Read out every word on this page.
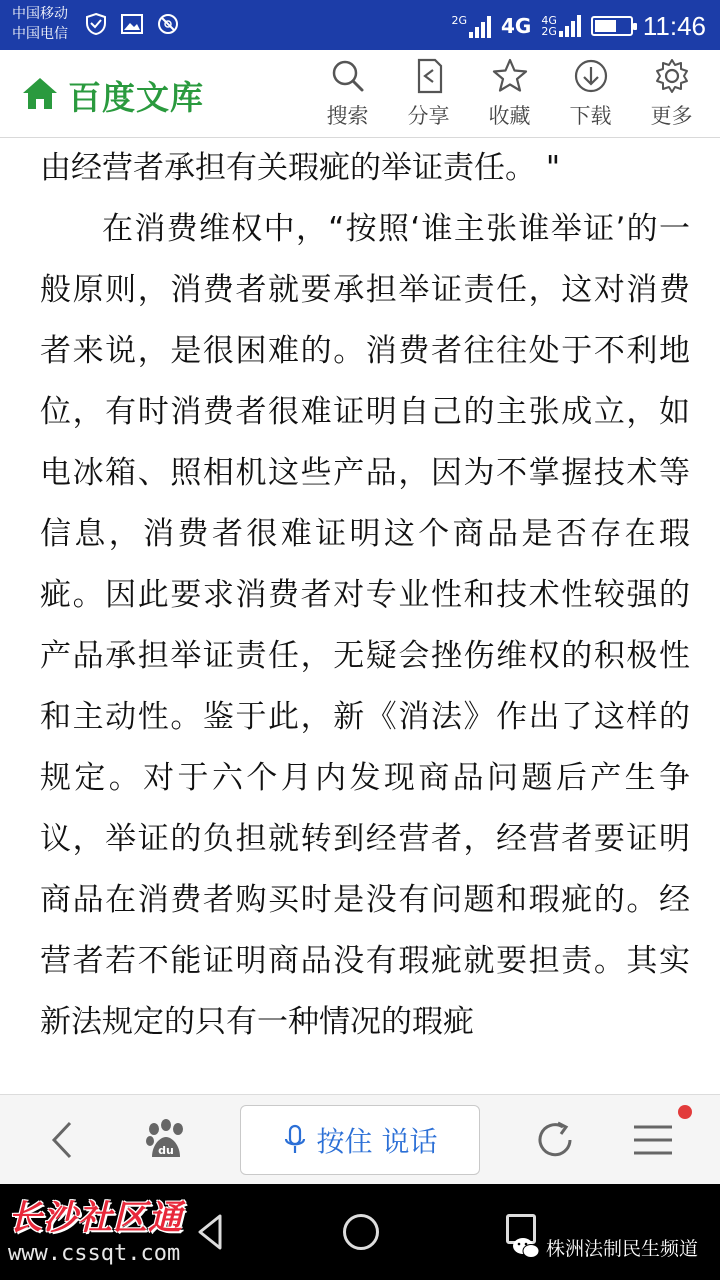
中国移动
中国电信
2G 4G 4G
2G	11:46
百度文库	搜索 分享 收藏 下载 更多

由经营者承担有关瑕疵的举证责任。 "

在消费维权中，“按照‘谁主张谁举证’的一般原则，消费者就要承担举证责任，这对消费者来说，是很困难的。消费者往往处于不利地位，有时消费者很难证明自己的主张成立，如电冰箱、照相机这些产品，因为不掌握技术等信息，消费者很难证明这个商品是否存在瑕疵。因此要求消费者对专业性和技术性较强的产品承担举证责任，无疑会挫伤维权的积极性和主动性。鉴于此，新《消法》作出了这样的规定。对于六个月内发现商品问题后产生争议，举证的负担就转到经营者，经营者要证明商品在消费者购买时是没有问题和瑕疵的。经营者若不能证明商品没有瑕疵就要担责。其实新法规定的只有一种情况的瑕疵

du	按住 说话
长沙社区通
www.cssqt.com	株洲法制民生频道
